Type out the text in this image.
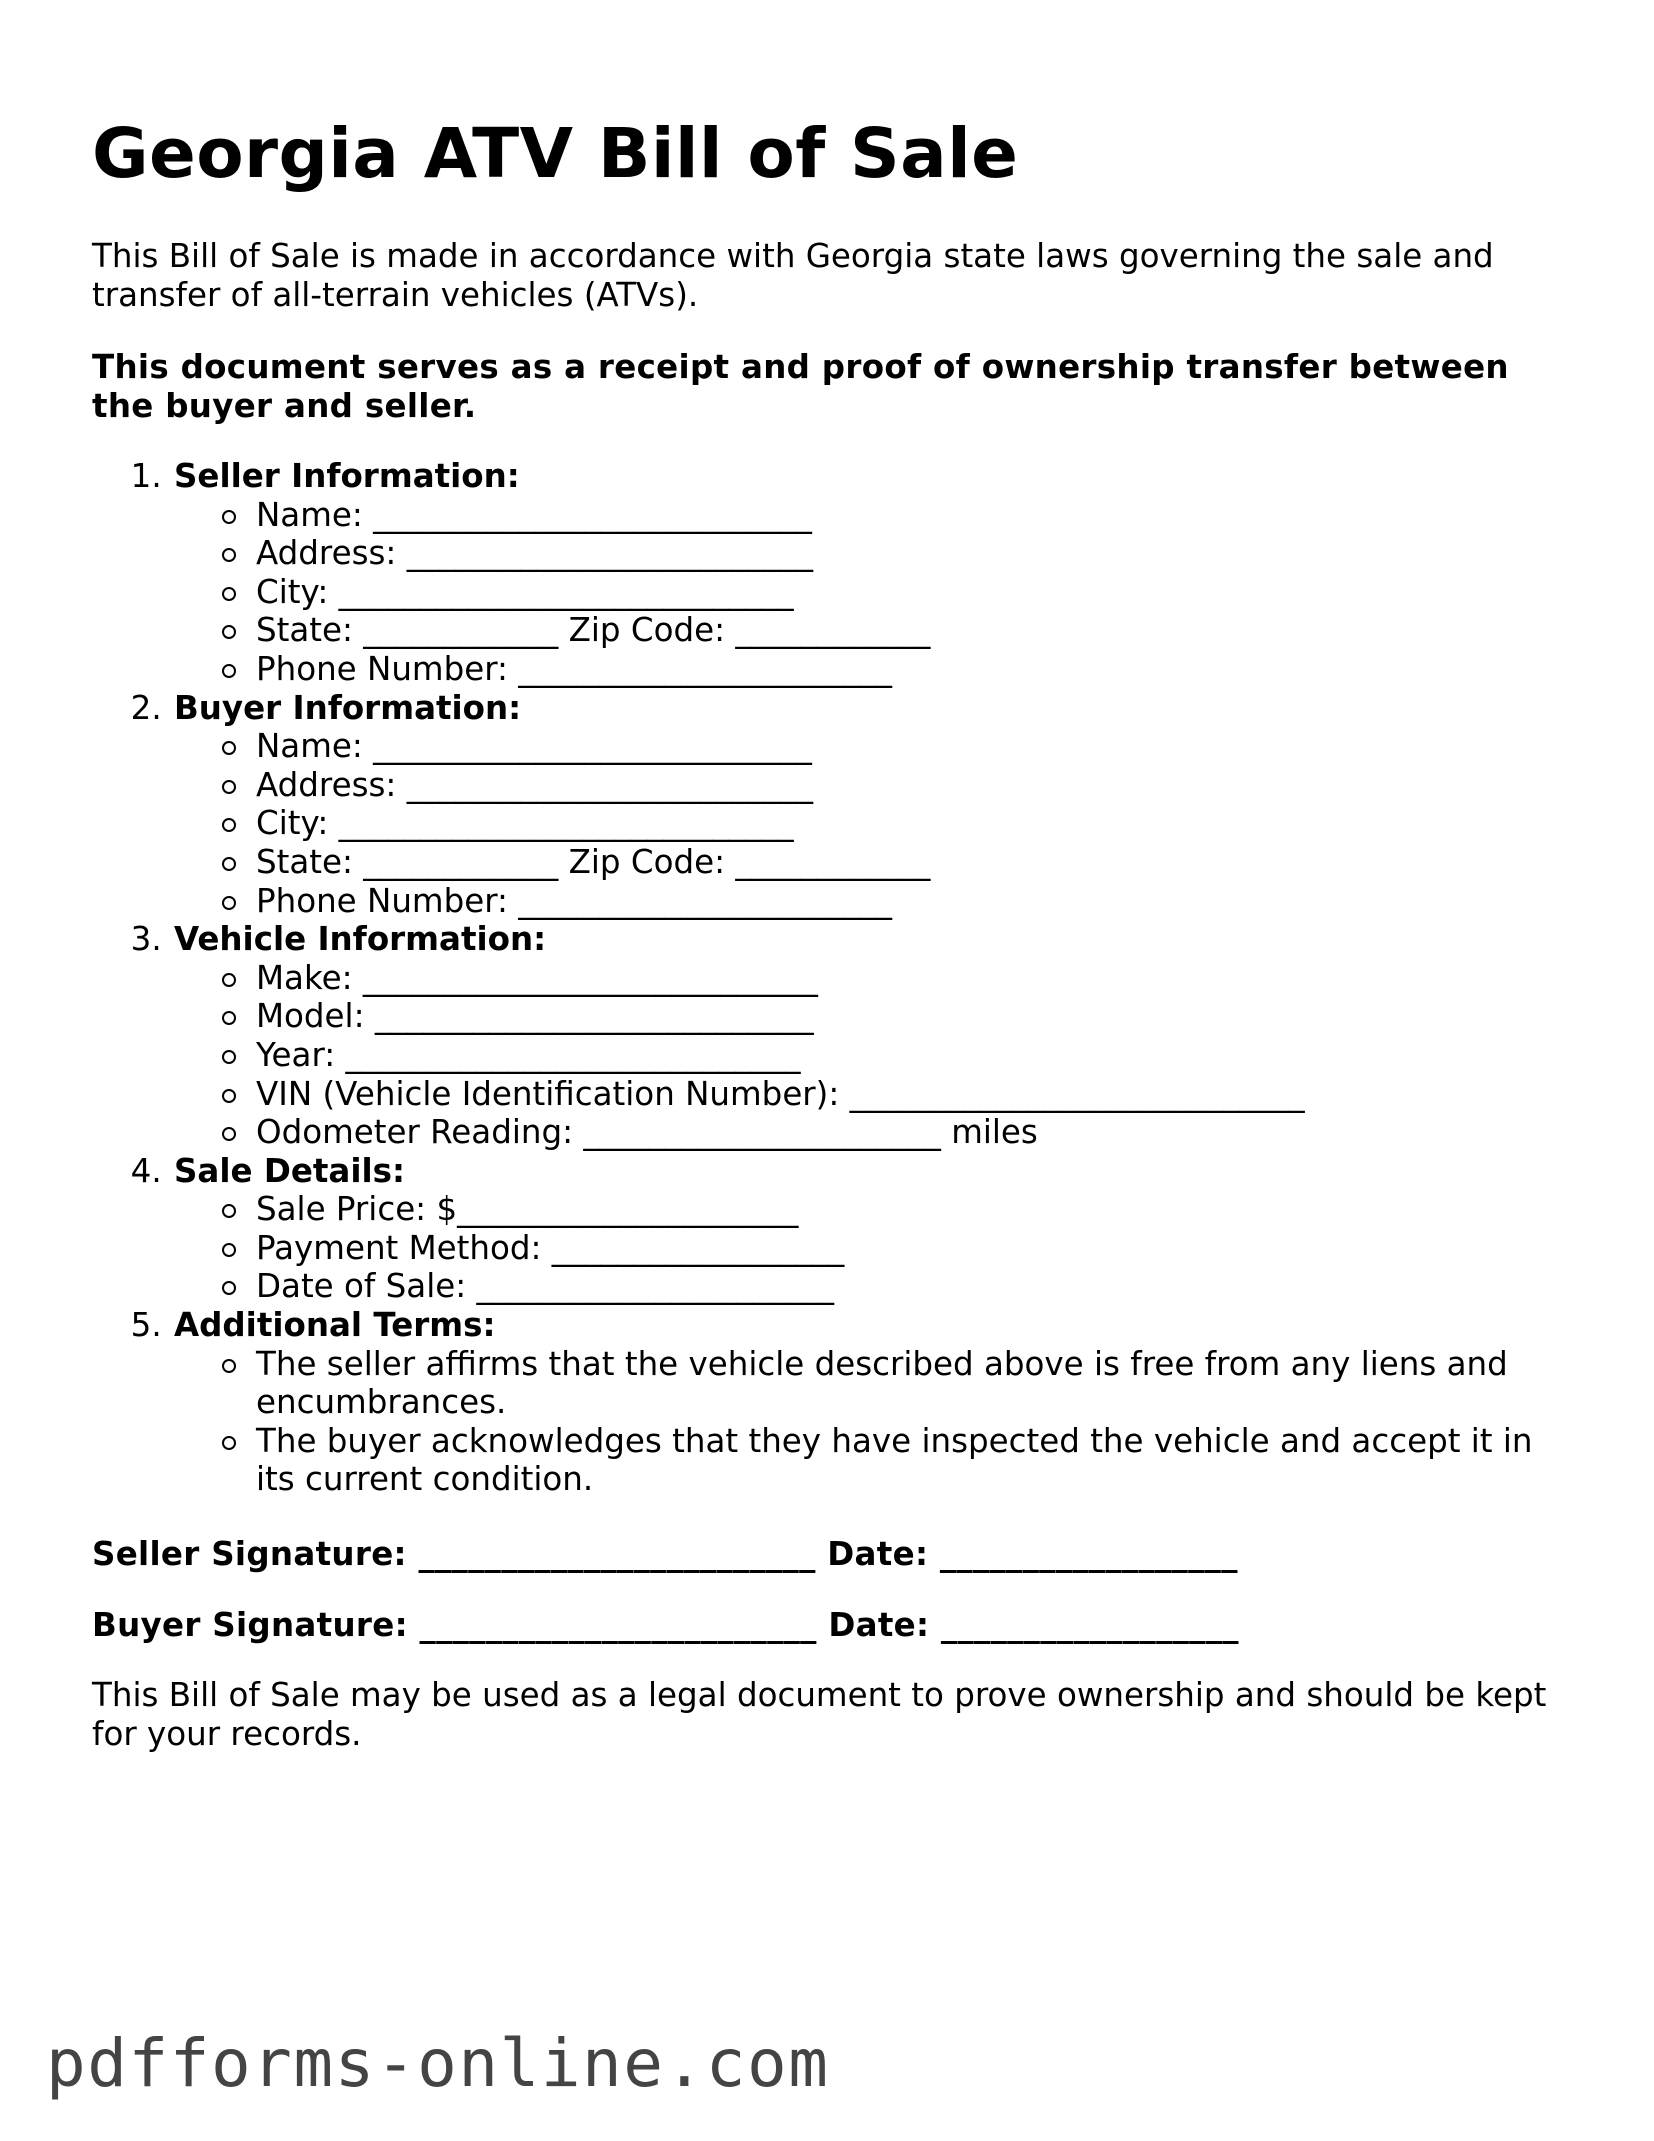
Georgia ATV Bill of Sale

This Bill of Sale is made in accordance with Georgia state laws governing the sale and transfer of all-terrain vehicles (ATVs).

This document serves as a receipt and proof of ownership transfer between the buyer and seller.

1. Seller Information:
Name: ___________________________
Address: _________________________
City: ____________________________
State: ____________ Zip Code: ____________
Phone Number: _______________________
2. Buyer Information:
Name: ___________________________
Address: _________________________
City: ____________________________
State: ____________ Zip Code: ____________
Phone Number: _______________________
3. Vehicle Information:
Make: ____________________________
Model: ___________________________
Year: ____________________________
VIN (Vehicle Identification Number): ____________________________
Odometer Reading: ______________________ miles
4. Sale Details:
Sale Price: $_____________________
Payment Method: __________________
Date of Sale: ______________________
5. Additional Terms:
The seller affirms that the vehicle described above is free from any liens and encumbrances.
The buyer acknowledges that they have inspected the vehicle and accept it in its current condition.
Seller Signature: ________________________ Date: __________________
Buyer Signature: ________________________ Date: __________________

This Bill of Sale may be used as a legal document to prove ownership and should be kept for your records.

pdfforms-online.com
